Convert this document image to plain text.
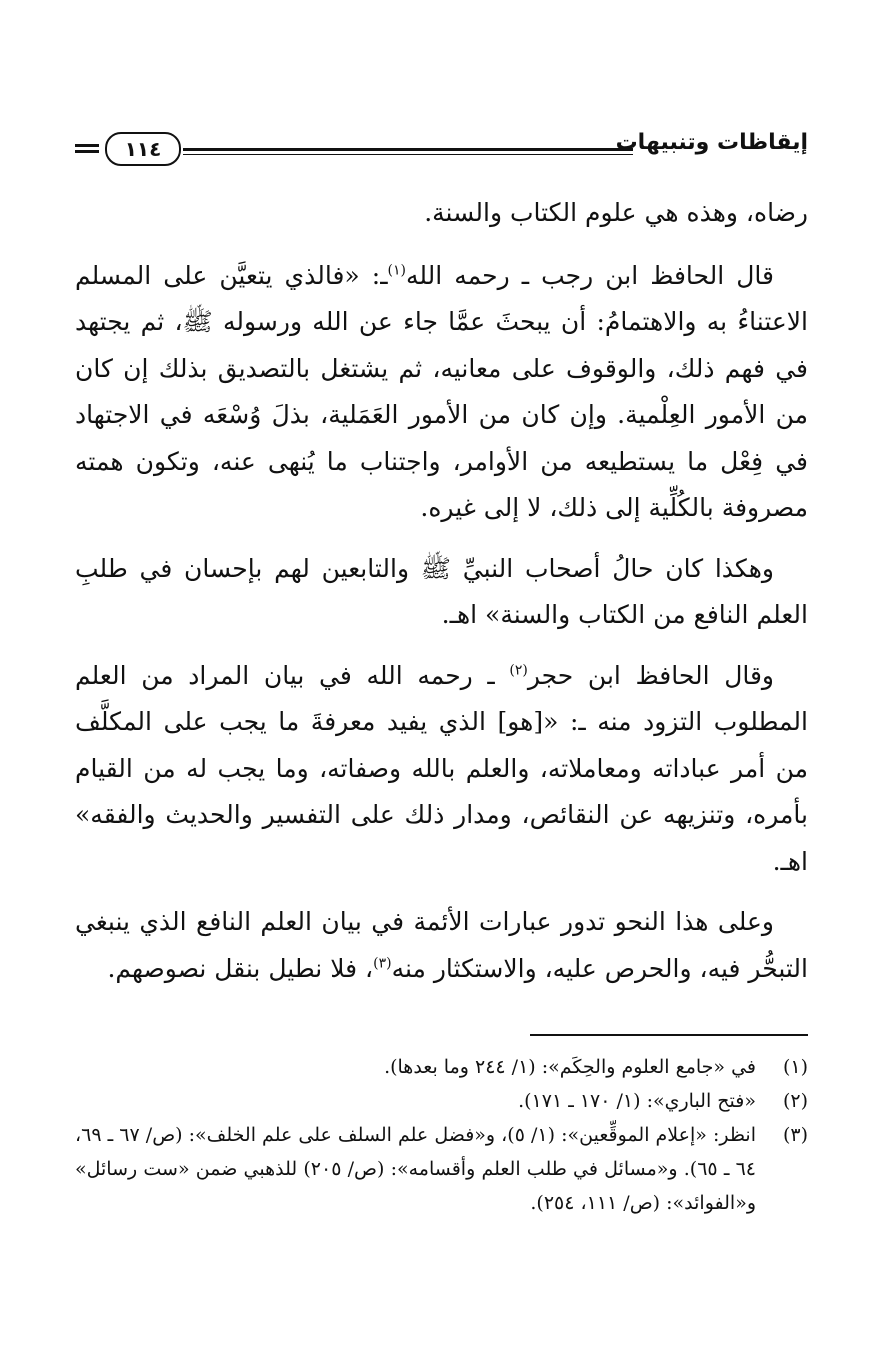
إيقاظات وتنبيهات
١١٤

رضاه، وهذه هي علوم الكتاب والسنة.

قال الحافظ ابن رجب ـ رحمه الله$^{(١)}$ـ: «فالذي يتعيَّن على المسلم الاعتناءُ به والاهتمامُ: أن يبحثَ عمَّا جاء عن الله ورسوله ﷺ، ثم يجتهد في فهم ذلك، والوقوف على معانيه، ثم يشتغل بالتصديق بذلك إن كان من الأمور العِلْمية. وإن كان من الأمور العَمَلية، بذلَ وُسْعَه في الاجتهاد في فِعْل ما يستطيعه من الأوامر، واجتناب ما يُنهى عنه، وتكون همته مصروفة بالكُلِّية إلى ذلك، لا إلى غيره.

وهكذا كان حالُ أصحاب النبيِّ ﷺ والتابعين لهم بإحسان في طلبِ العلم النافع من الكتاب والسنة» اهـ.

وقال الحافظ ابن حجر$^{(٢)}$ ـ رحمه الله في بيان المراد من العلم المطلوب التزود منه ـ: «[هو] الذي يفيد معرفةَ ما يجب على المكلَّف من أمر عباداته ومعاملاته، والعلم بالله وصفاته، وما يجب له من القيام بأمره، وتنزيهه عن النقائص، ومدار ذلك على التفسير والحديث والفقه» اهـ.

وعلى هذا النحو تدور عبارات الأئمة في بيان العلم النافع الذي ينبغي التبحُّر فيه، والحرص عليه، والاستكثار منه$^{(٣)}$، فلا نطيل بنقل نصوصهم.

(١)
في «جامع العلوم والحِكَم»: (١/ ٢٤٤ وما بعدها).
(٢)
«فتح الباري»: (١/ ١٧٠ ـ ١٧١).
(٣)
انظر: «إعلام الموقِّعين»: (١/ ٥)، و«فضل علم السلف على علم الخلف»: (ص/ ٦٧ ـ ٦٩، ٦٤ ـ ٦٥). و«مسائل في طلب العلم وأقسامه»: (ص/ ٢٠٥) للذهبي ضمن «ست رسائل» و«الفوائد»: (ص/ ١١١، ٢٥٤).
